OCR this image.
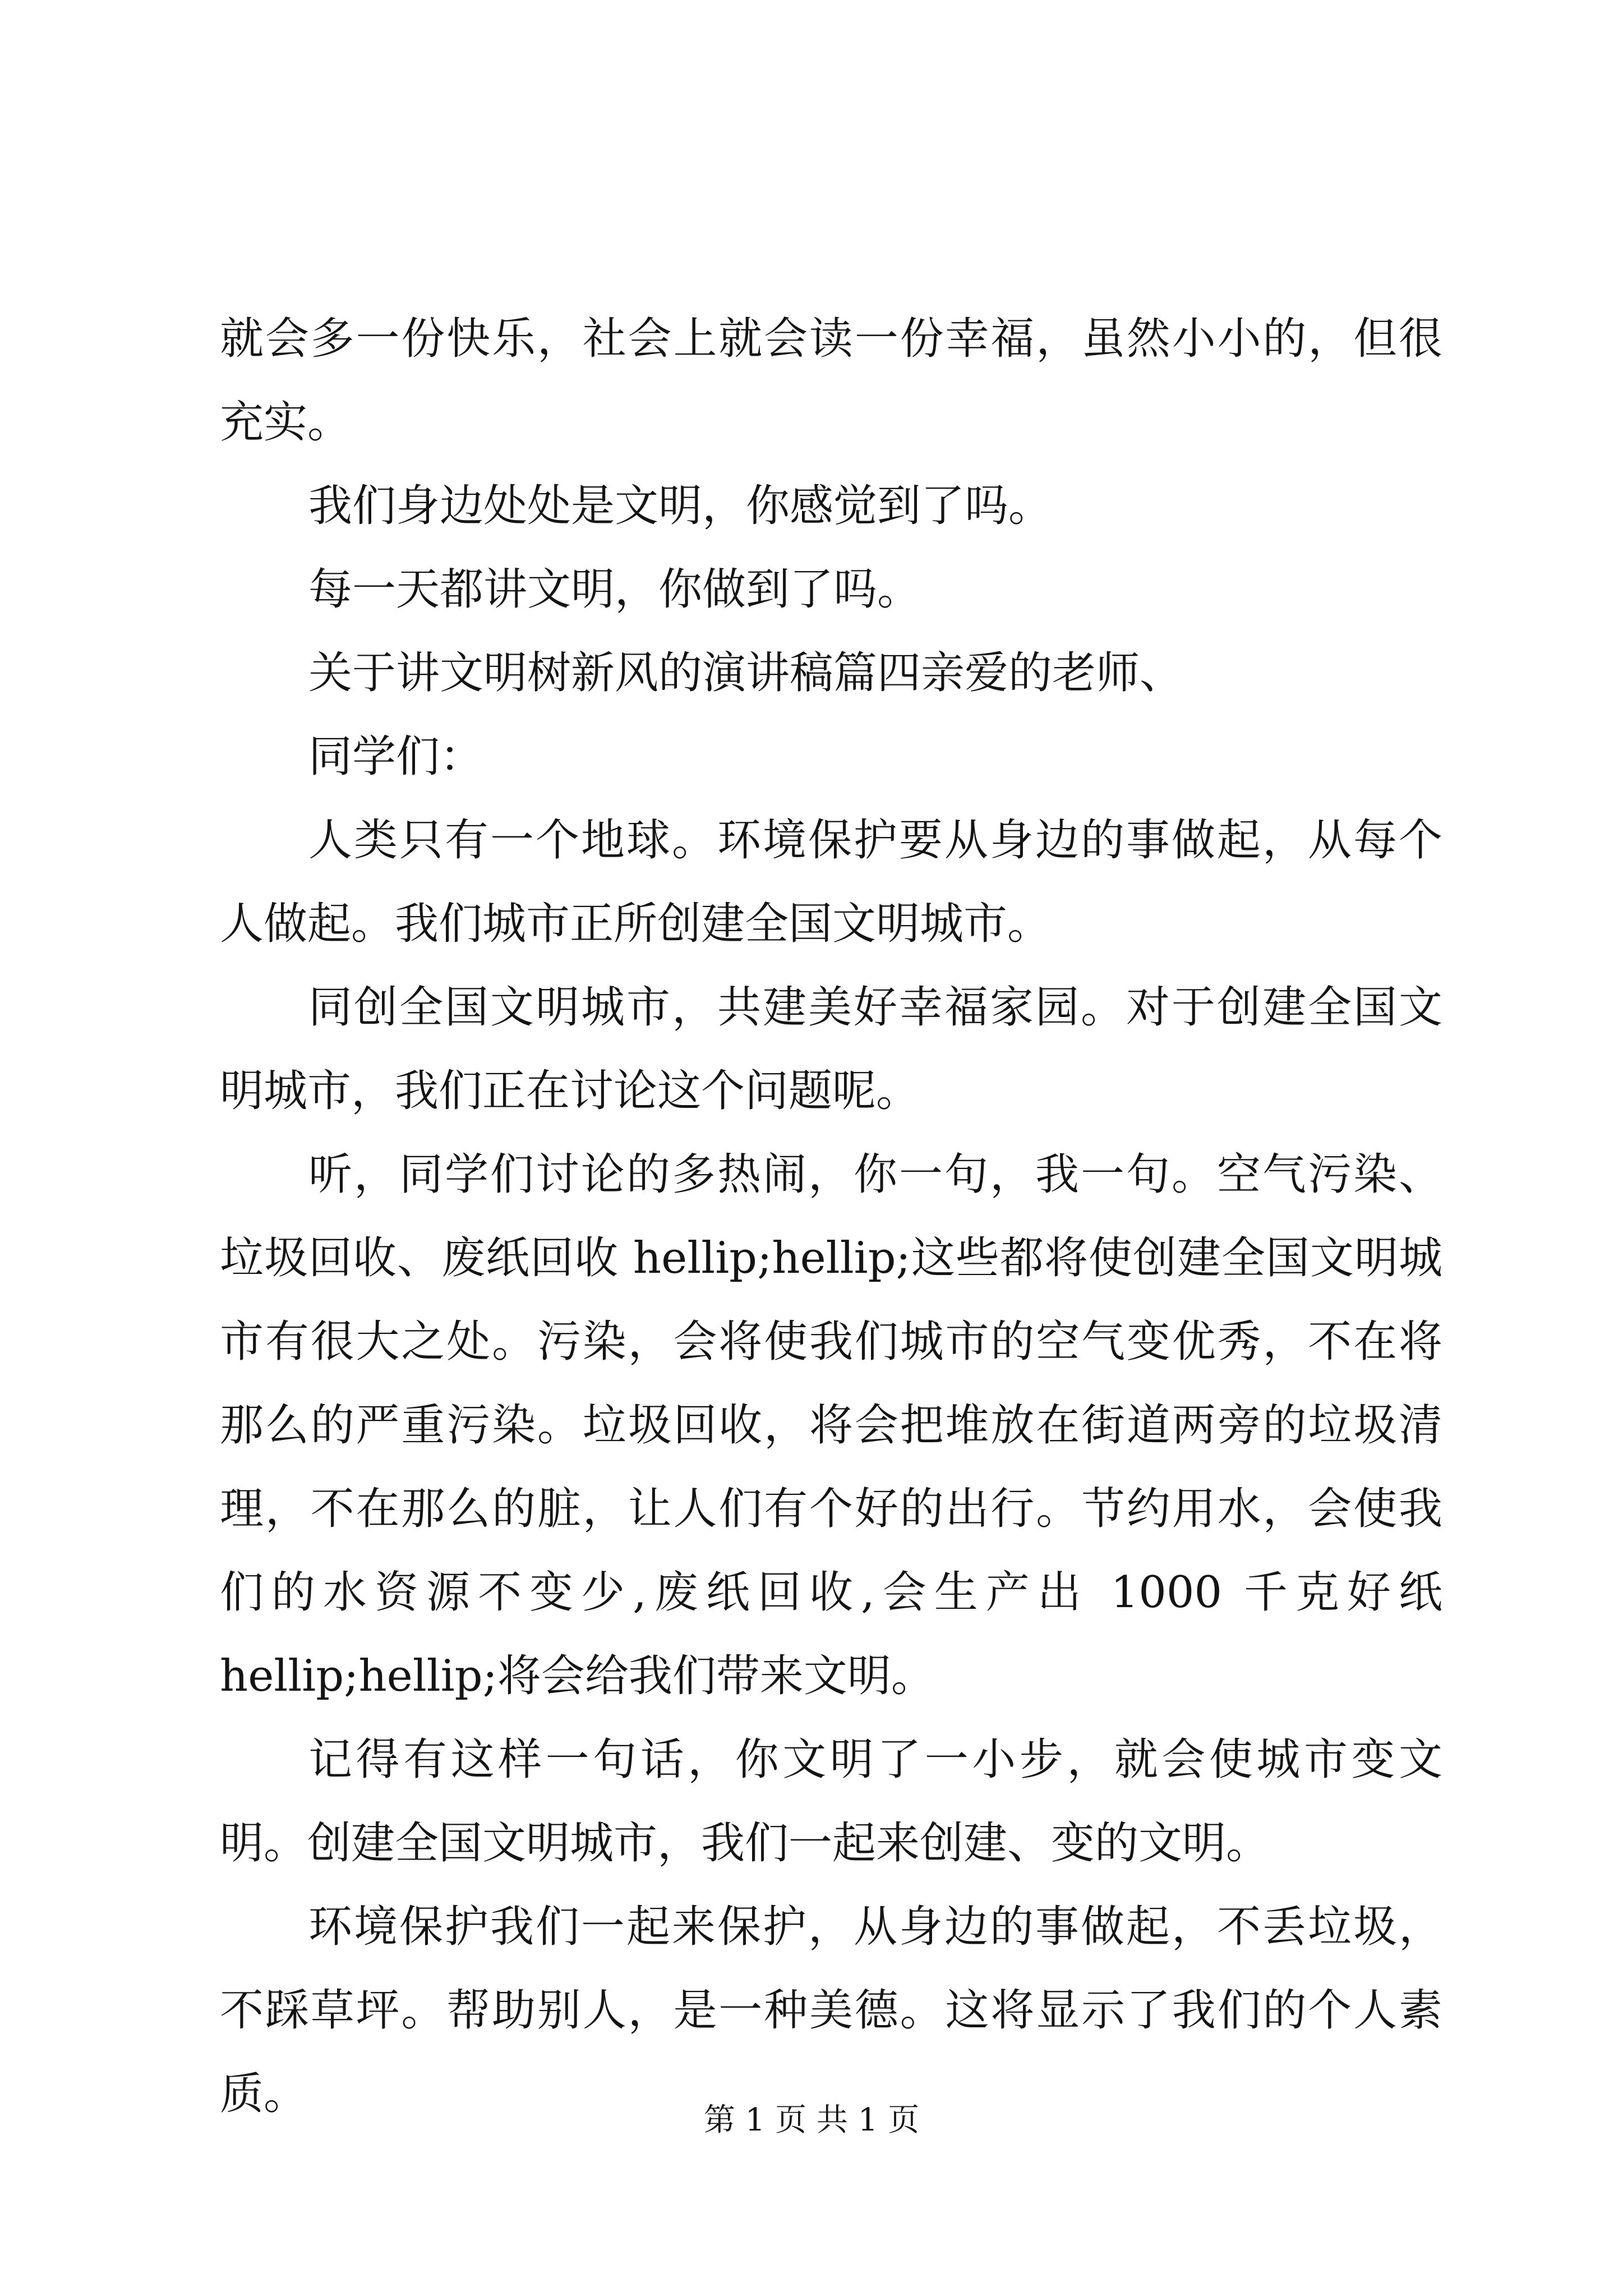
就会多一份快乐，社会上就会读一份幸福，虽然小小的，但很充实。

我们身边处处是文明，你感觉到了吗。

每一天都讲文明，你做到了吗。

关于讲文明树新风的演讲稿篇四亲爱的老师、

同学们：

人类只有一个地球。环境保护要从身边的事做起，从每个人做起。我们城市正所创建全国文明城市。

同创全国文明城市，共建美好幸福家园。对于创建全国文明城市，我们正在讨论这个问题呢。

听，同学们讨论的多热闹，你一句，我一句。空气污染、垃圾回收、废纸回收 hellip;hellip;这些都将使创建全国文明城市有很大之处。污染，会将使我们城市的空气变优秀，不在将那么的严重污染。垃圾回收，将会把堆放在街道两旁的垃圾清理，不在那么的脏，让人们有个好的出行。节约用水，会使我们的水资源不变少,废纸回收,会生产出 1000 千克好纸 hellip;hellip;将会给我们带来文明。

记得有这样一句话，你文明了一小步，就会使城市变文明。创建全国文明城市，我们一起来创建、变的文明。

环境保护我们一起来保护，从身边的事做起，不丢垃圾，不踩草坪。帮助别人，是一种美德。这将显示了我们的个人素质。

第 1 页 共 1 页
